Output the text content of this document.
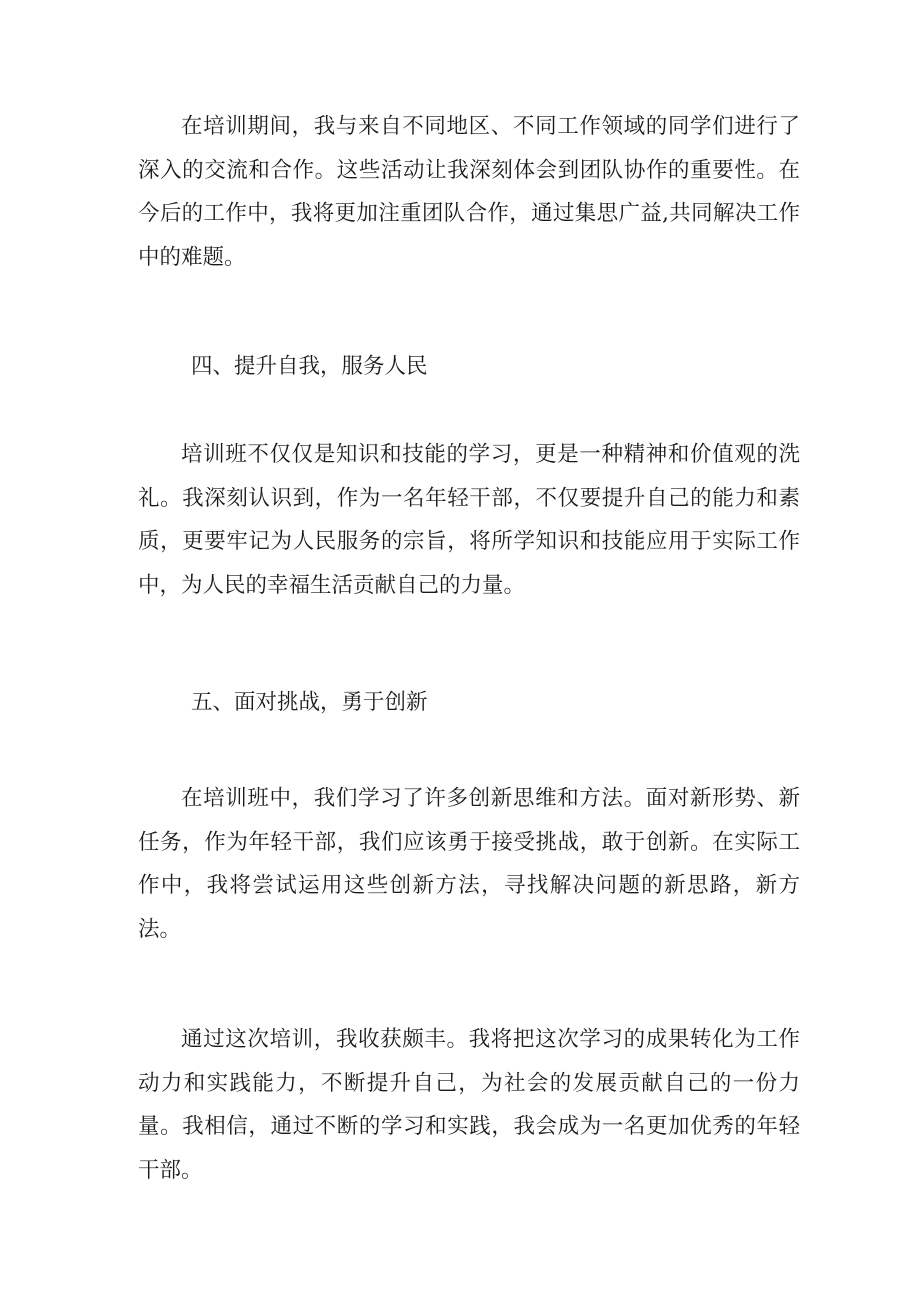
在培训期间，我与来自不同地区、不同工作领域的同学们进行了深入的交流和合作。这些活动让我深刻体会到团队协作的重要性。在今后的工作中，我将更加注重团队合作，通过集思广益,共同解决工作中的难题。

四、提升自我，服务人民

培训班不仅仅是知识和技能的学习，更是一种精神和价值观的洗礼。我深刻认识到，作为一名年轻干部，不仅要提升自己的能力和素质，更要牢记为人民服务的宗旨，将所学知识和技能应用于实际工作中，为人民的幸福生活贡献自己的力量。

五、面对挑战，勇于创新

在培训班中，我们学习了许多创新思维和方法。面对新形势、新任务，作为年轻干部，我们应该勇于接受挑战，敢于创新。在实际工作中，我将尝试运用这些创新方法，寻找解决问题的新思路，新方法。

通过这次培训，我收获颇丰。我将把这次学习的成果转化为工作动力和实践能力，不断提升自己，为社会的发展贡献自己的一份力量。我相信，通过不断的学习和实践，我会成为一名更加优秀的年轻干部。
